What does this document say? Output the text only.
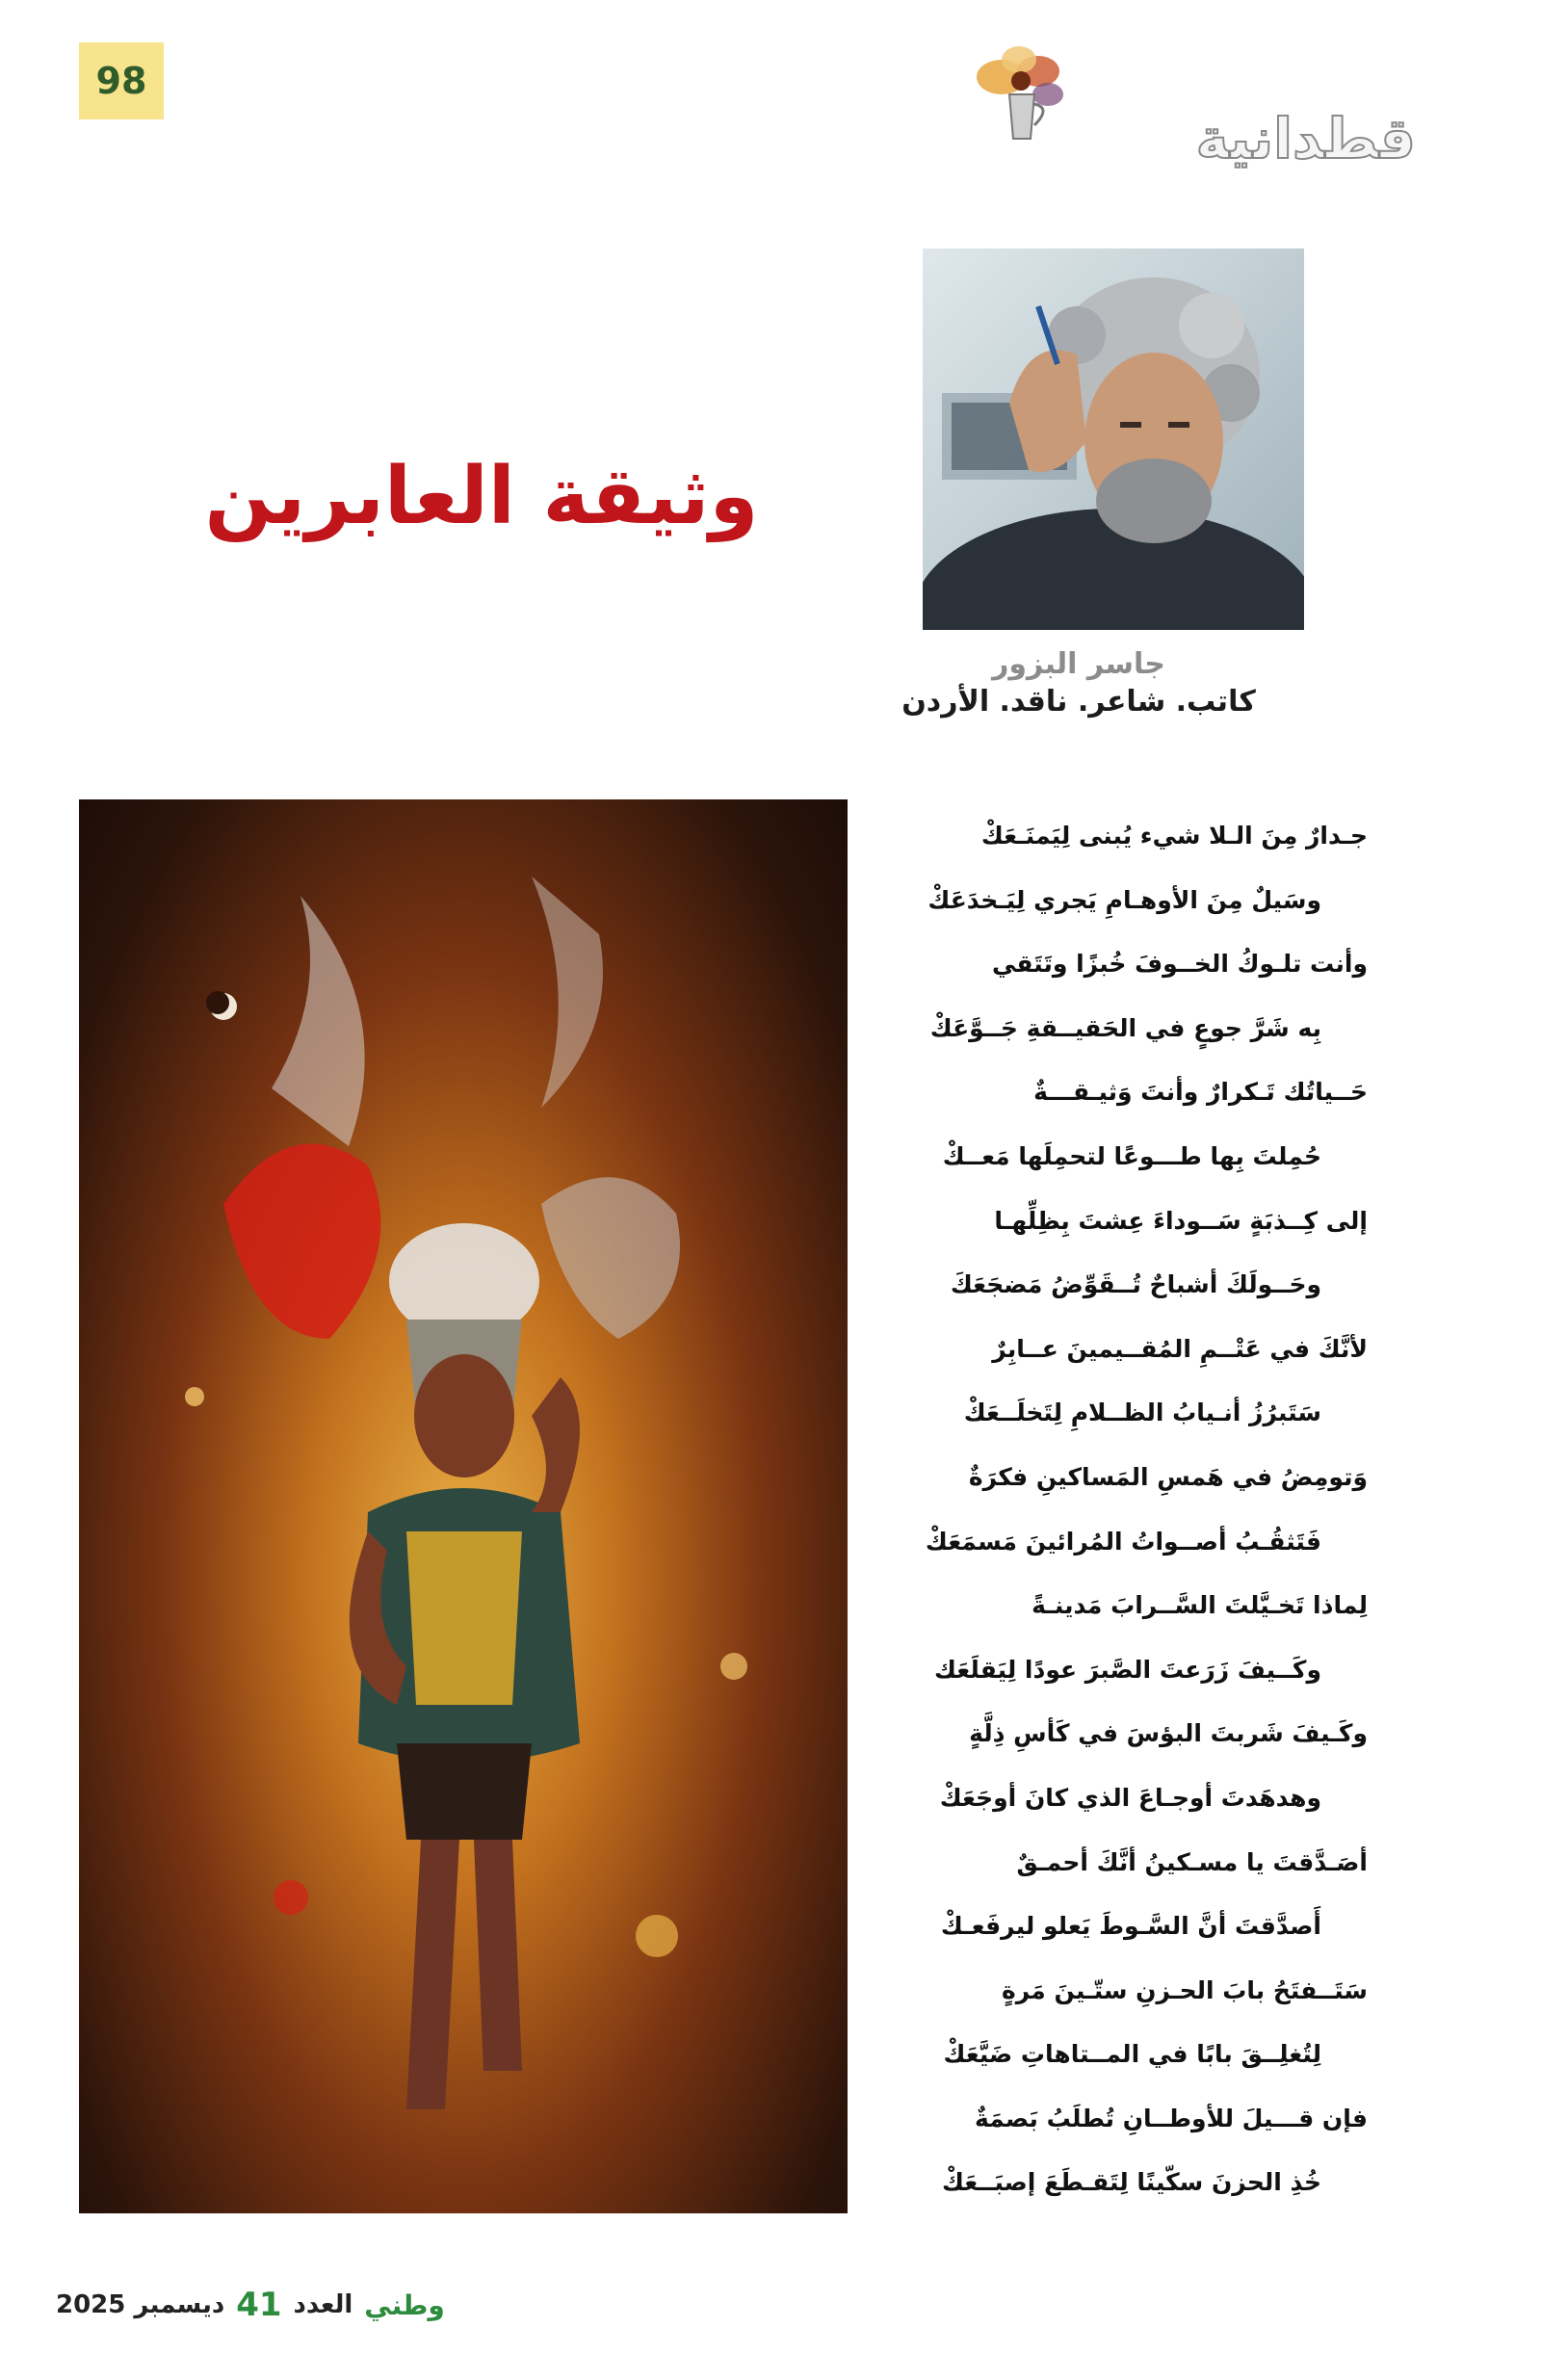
98
قطدانية
وثيقة العابرين
جاسر البزور
كاتب. شاعر. ناقد. الأردن
جـدارٌ مِنَ الـلا شيء يُبنى لِيَمنَـعَكْ
وسَيلٌ مِنَ الأوهـامِ يَجري لِيَـخدَعَكْ
وأنت تلـوكُ الخــوفَ خُبزًا وتَتَقي
بِه شَرَّ جوعٍ في الحَقيــقةِ جَــوَّعَكْ
حَــياتُك تَـكرارٌ وأنتَ وَثيـقـــةٌ
حُمِلتَ بِها طـــوعًا لتحمِلَها مَعــكْ
إلى كِــذبَةٍ سَــوداءَ عِشتَ بِظِلِّهـا
وحَــولَكَ أشباحٌ تُــقَوِّضُ مَضجَعَكَ
لأنَّكَ في عَتْــمِ المُقــيمينَ عــابِرٌ
سَتَبرُزُ أنـيابُ الظــلامِ لِتَخلَــعَكْ
وَتومِضُ في هَمسِ المَساكينِ فكرَةٌ
فَتَثقُـبُ أصــواتُ المُرائينَ مَسمَعَكْ
لِماذا تَخـيَّلتَ السَّــرابَ مَدينـةً
وكَــيفَ زَرَعتَ الصَّبرَ عودًا لِيَقلَعَك
وكَـيفَ شَربتَ البؤسَ في كَأسِ ذِلَّةٍ
وهدهَدتَ أوجـاعَ الذي كانَ أوجَعَكْ
أصَـدَّقتَ يا مسـكينُ أنَّكَ أحمـقٌ
أَصدَّقتَ أنَّ السَّـوطَ يَعلو ليرفَعـكْ
سَتَــفتَحُ بابَ الحـزنِ ستّـينَ مَرةٍ
لِتُغلِــقَ بابًا في المــتاهاتِ ضَيَّعَكْ
فإن قـــيلَ للأوطــانِ تُطلَبُ بَصمَةٌ
خُذِ الحزنَ سكّينًا لِتَقـطَعَ إصبَــعَكْ
ديسمبر 2025 41 العدد وطني
